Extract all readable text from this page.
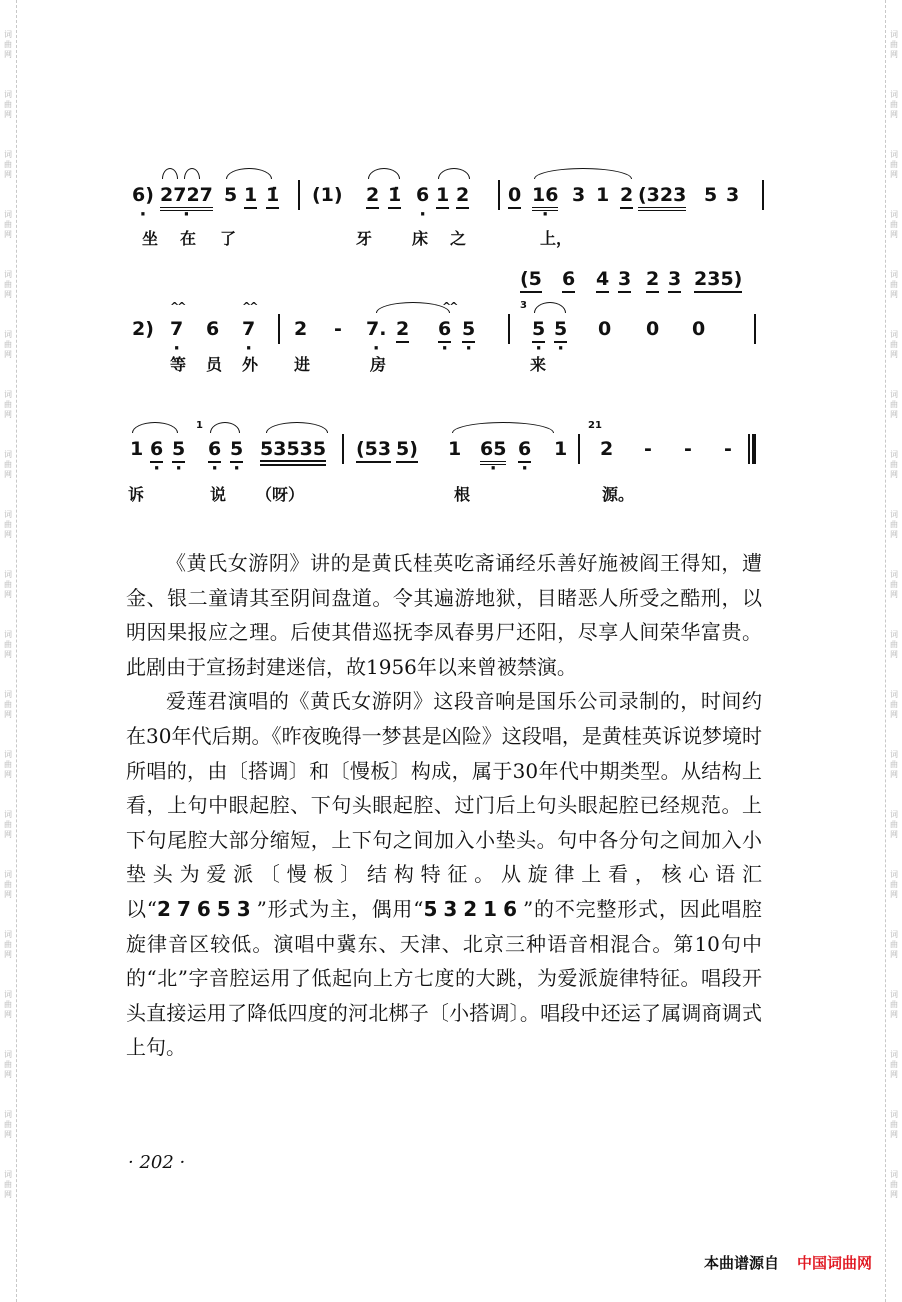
词曲网
词曲网
词曲网
词曲网
词曲网
词曲网
词曲网
词曲网
词曲网
词曲网
词曲网
词曲网
词曲网
词曲网
词曲网
词曲网
词曲网
词曲网
词曲网
词曲网
词曲网
词曲网
词曲网
词曲网
词曲网
词曲网
词曲网
词曲网
词曲网
词曲网
词曲网
词曲网
词曲网
词曲网
词曲网
词曲网
词曲网
词曲网
词曲网
词曲网
6) · 2727 · 5 1 1̇ (1) 2 1̇ 6 · 1 2 0 16 · 3 1 2 (323 5 3
坐 在 了	牙 床 之	上，
(5 6 4 3 2 3 235)
2)
^^
7 · 6
^^
7 · 2 - 7. · 2
^^
6 · 5 ·
3
5 · 5 · 0 0 0
等 员 外 进	房	来
1 6 · 5 ·
1
6 · 5 · 53535 (53 5) 1 65 · 6 · 1
21
2 - - -
诉	说 （呀）	根	源。

《黄氏女游阴》讲的是黄氏桂英吃斋诵经乐善好施被阎王得知，遭金、银二童请其至阴间盘道。令其遍游地狱，目睹恶人所受之酷刑，以明因果报应之理。后使其借巡抚李凤春男尸还阳，尽享人间荣华富贵。此剧由于宣扬封建迷信，故1956年以来曾被禁演。

爱莲君演唱的《黄氏女游阴》这段音响是国乐公司录制的，时间约在30年代后期。《昨夜晚得一梦甚是凶险》这段唱，是黄桂英诉说梦境时所唱的，由〔搭调〕和〔慢板〕构成，属于30年代中期类型。从结构上看，上句中眼起腔、下句头眼起腔、过门后上句头眼起腔已经规范。上下句尾腔大部分缩短，上下句之间加入小垫头。句中各分句之间加入小垫头为爱派〔慢板〕结构特征。从旋律上看，核心语汇以“27653”形式为主，偶用“53216”的不完整形式，因此唱腔旋律音区较低。演唱中冀东、天津、北京三种语音相混合。第10句中的“北”字音腔运用了低起向上方七度的大跳，为爱派旋律特征。唱段开头直接运用了降低四度的河北梆子〔小搭调〕。唱段中还运了属调商调式上句。

· 202 ·
本曲谱源自 中国词曲网
